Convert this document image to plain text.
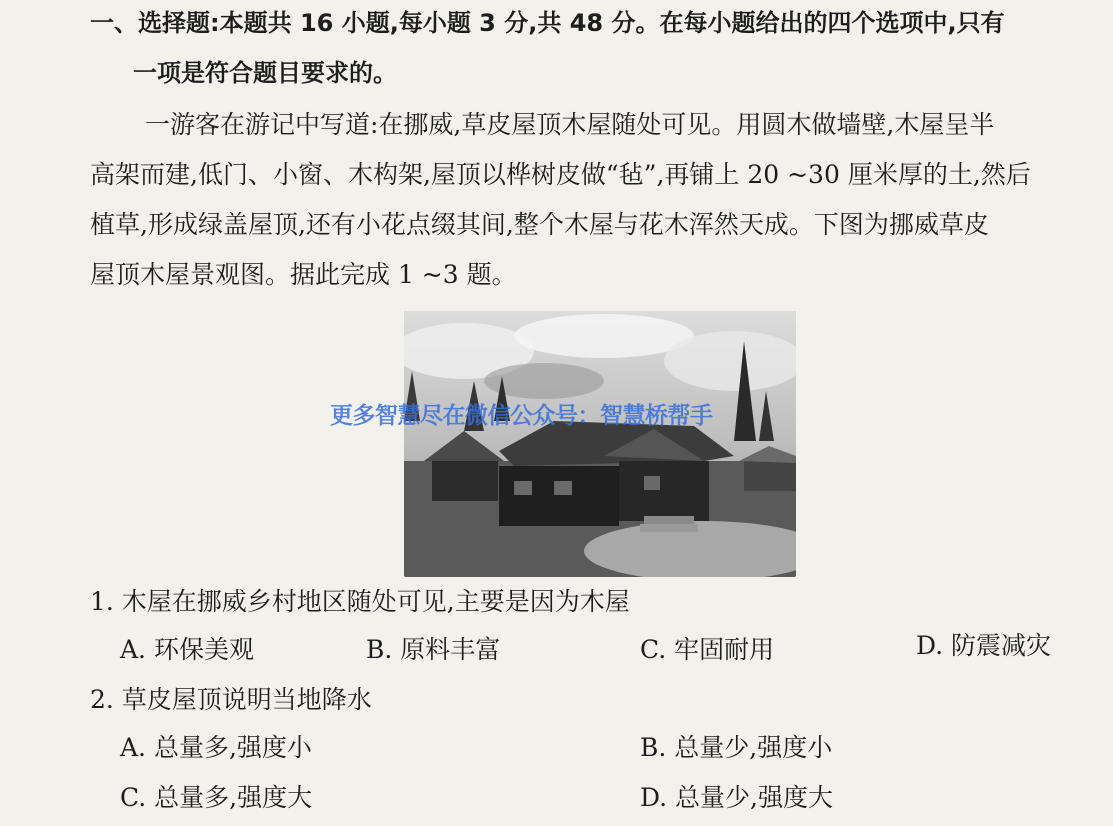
一、选择题:本题共 16 小题,每小题 3 分,共 48 分。在每小题给出的四个选项中,只有
一项是符合题目要求的。
一游客在游记中写道:在挪威,草皮屋顶木屋随处可见。用圆木做墙壁,木屋呈半
高架而建,低门、小窗、木构架,屋顶以桦树皮做“毡”,再铺上 20 ~30 厘米厚的土,然后
植草,形成绿盖屋顶,还有小花点缀其间,整个木屋与花木浑然天成。下图为挪威草皮
屋顶木屋景观图。据此完成 1 ~3 题。
更多智慧尽在微信公众号：智慧桥帮手
1. 木屋在挪威乡村地区随处可见,主要是因为木屋
A. 环保美观	B. 原料丰富	C. 牢固耐用	D. 防震减灾
2. 草皮屋顶说明当地降水
A. 总量多,强度小	B. 总量少,强度小
C. 总量多,强度大	D. 总量少,强度大
